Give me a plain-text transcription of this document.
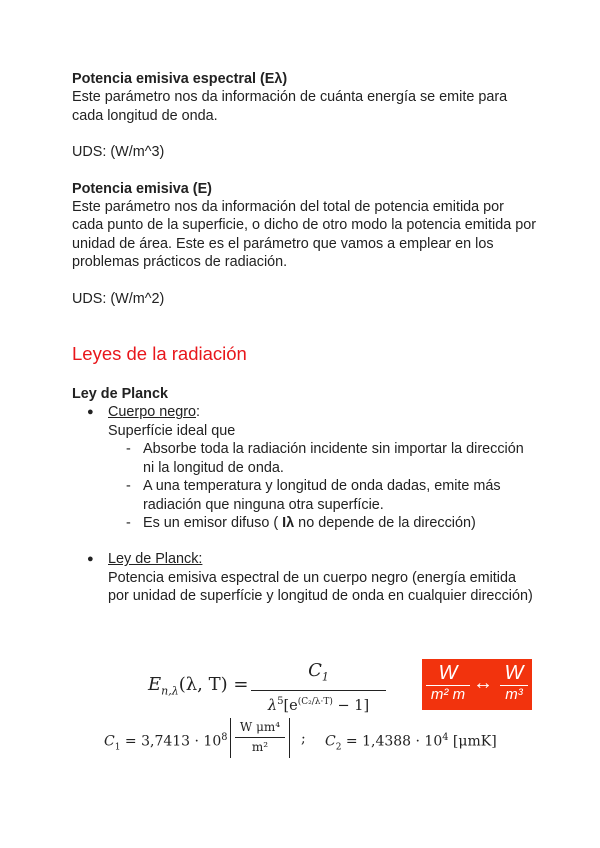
Potencia emisiva espectral (Eλ)

Este parámetro nos da información de cuánta energía se emite para

cada longitud de onda.

UDS: (W/m^3)

Potencia emisiva (E)

Este parámetro nos da información del total de potencia emitida por

cada punto de la superficie, o dicho de otro modo la potencia emitida por

unidad de área. Este es el parámetro que vamos a emplear en los

problemas prácticos de radiación.

UDS: (W/m^2)

Leyes de la radiación

Ley de Planck

● Cuerpo negro:
Superfície ideal que
- Absorbe toda la radiación incidente sin importar la dirección
ni la longitud de onda.
- A una temperatura y longitud de onda dadas, emite más
radiación que ninguna otra superfície.
- Es un emisor difuso ( Iλ no depende de la dirección)
● Ley de Planck:
Potencia emisiva espectral de un cuerpo negro (energía emitida
por unidad de superfície y longitud de onda en cualquier dirección)
$E_{n,\lambda}(\lambda$, T) =
$C_1$
$\lambda^5[e^{(C_2/\lambda\cdot T)} - 1]$
W
m² m
↔ W
m³
$C_1 = 3,7413 \cdot 10^8$
W μm⁴
m²	; $C_2 = 1,4388 \cdot 10^4$ [μmK]
